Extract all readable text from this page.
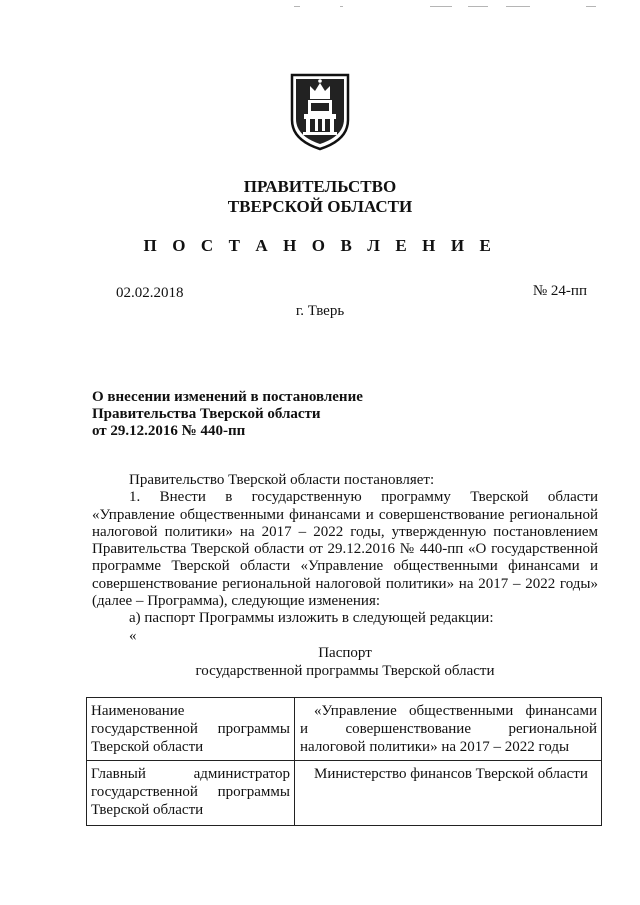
ПРАВИТЕЛЬСТВО
ТВЕРСКОЙ ОБЛАСТИ
П О С Т А Н О В Л Е Н И Е
02.02.2018	№ 24-пп
г. Тверь
О внесении изменений в постановление
Правительства Тверской области
от 29.12.2016 № 440-пп

Правительство Тверской области постановляет:

1. Внести в государственную программу Тверской области

«Управление общественными финансами и совершенствование региональной

налоговой политики» на 2017 – 2022 годы, утвержденную постановлением

Правительства Тверской области от 29.12.2016 № 440-пп «О государственной

программе Тверской области «Управление общественными финансами и

совершенствование региональной налоговой политики» на 2017 – 2022 годы»

(далее – Программа), следующие изменения:

а) паспорт Программы изложить в следующей редакции:

«

Паспорт
государственной программы Тверской области
Наименование
государственной программы
Тверской области	«Управление общественными финансами
и совершенствование региональной
налоговой политики» на 2017 – 2022 годы

Главный администратор
государственной программы
Тверской области	Министерство финансов Тверской области
